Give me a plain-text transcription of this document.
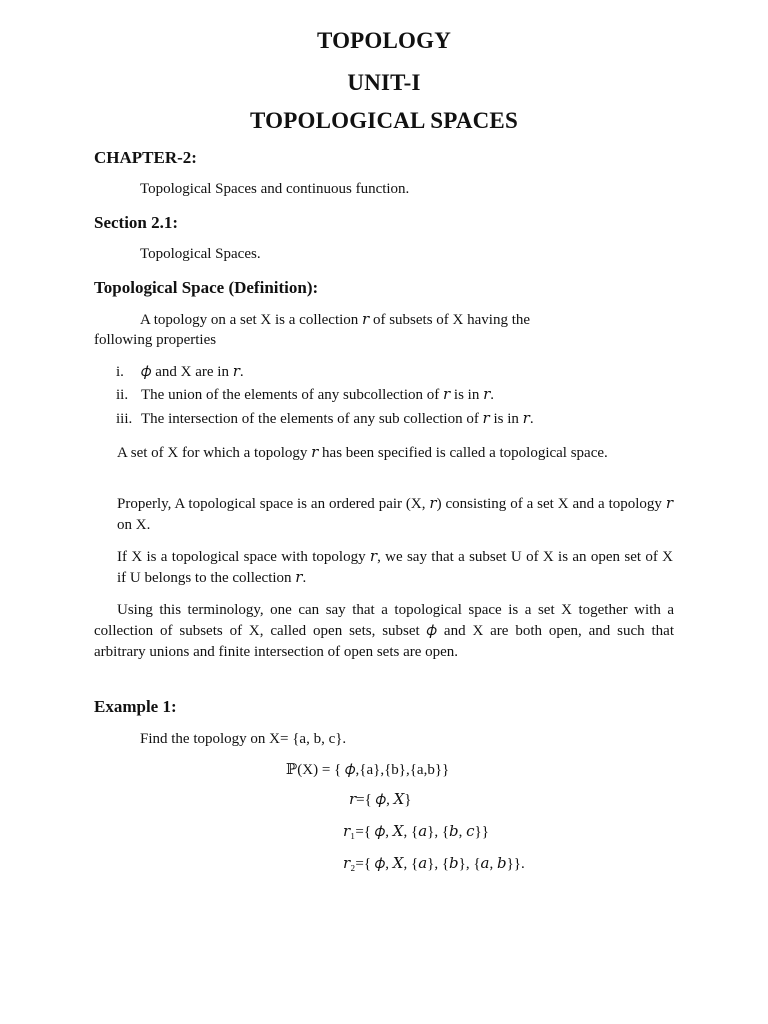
TOPOLOGY
UNIT-I
TOPOLOGICAL SPACES
CHAPTER-2:
Topological Spaces and continuous function.
Section 2.1:
Topological Spaces.
Topological Space (Definition):
A topology on a set X is a collection 𝑟 of subsets of X having the
following properties
i. 𝜙 and X are in 𝑟.
ii. The union of the elements of any subcollection of 𝑟 is in 𝑟.
iii. The intersection of the elements of any sub collection of 𝑟 is in 𝑟.

A set of X for which a topology 𝑟 has been specified is called a topological space.

Properly, A topological space is an ordered pair (X, 𝑟) consisting of a set X and a topology 𝑟 on X.

If X is a topological space with topology 𝑟, we say that a subset U of X is an open set of X if U belongs to the collection 𝑟.

Using this terminology, one can say that a topological space is a set X together with a collection of subsets of X, called open sets, subset 𝜙 and X are both open, and such that arbitrary unions and finite intersection of open sets are open.

Example 1:
Find the topology on X= {a, b, c}.
ℙ(X) = { 𝜙,{a},{b},{a,b}}
𝑟={ 𝜙, 𝑋}
𝑟₁={ 𝜙, 𝑋, {𝑎}, {𝑏, 𝑐}}
𝑟₂={ 𝜙, 𝑋, {𝑎}, {𝑏}, {𝑎, 𝑏}}.
